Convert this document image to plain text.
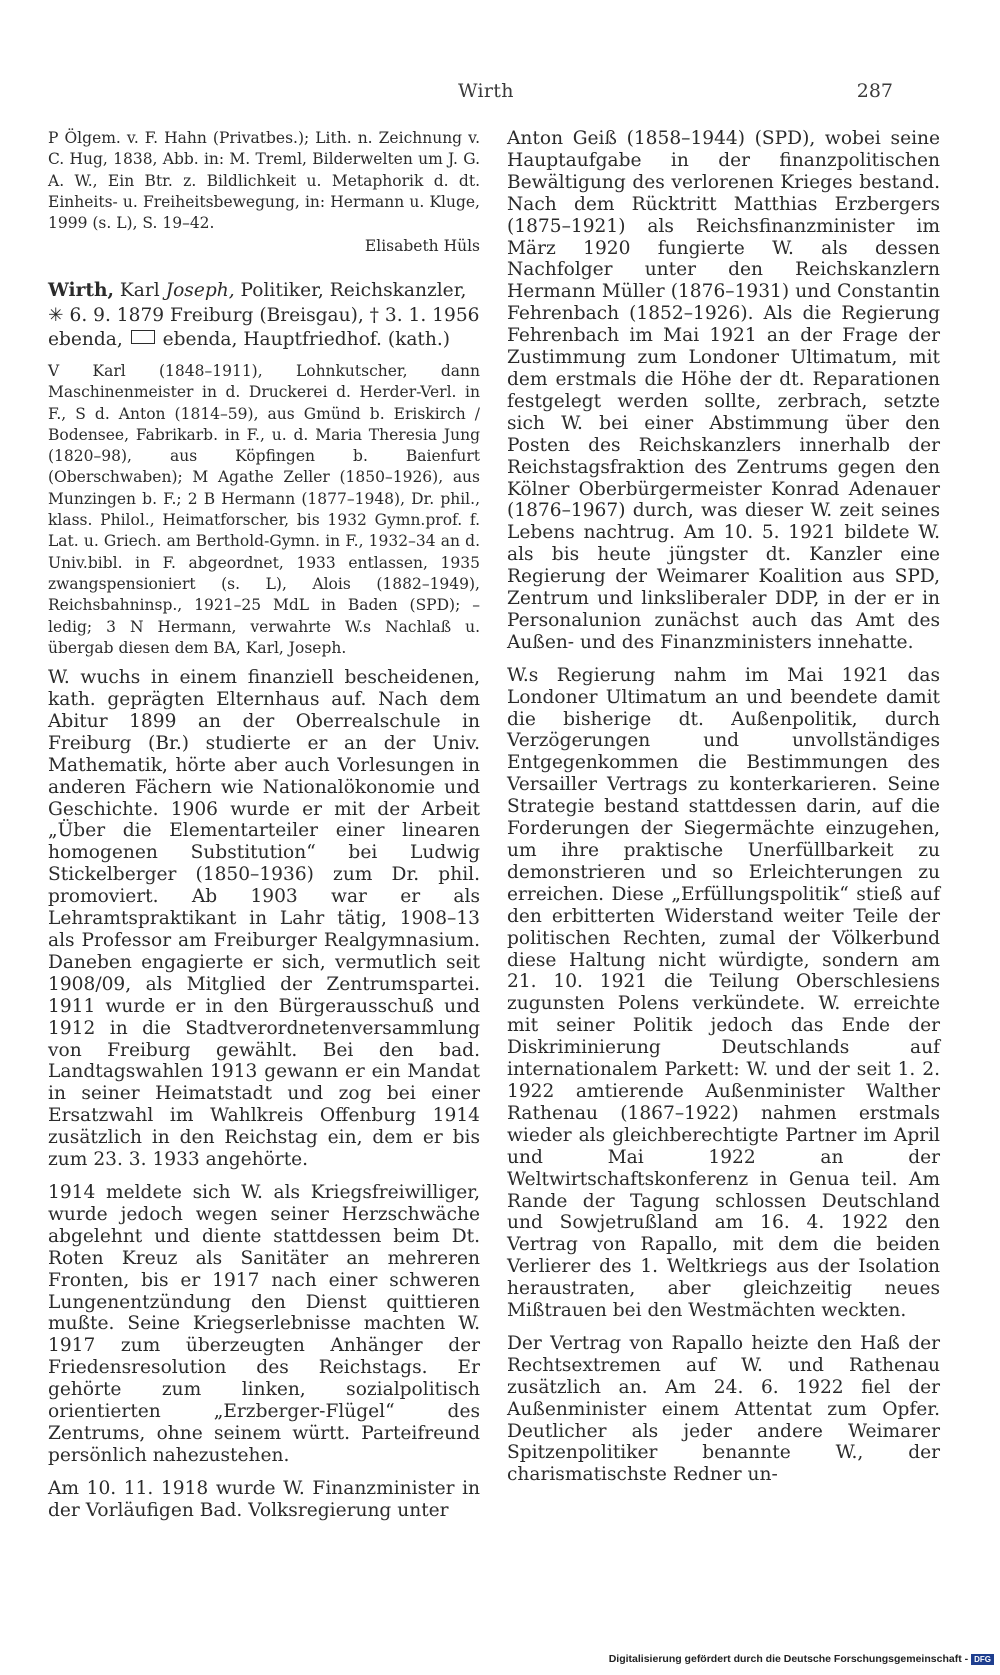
Wirth	287

P Ölgem. v. F. Hahn (Privatbes.); Lith. n. Zeichnung v. C. Hug, 1838, Abb. in: M. Treml, Bilderwelten um J. G. A. W., Ein Btr. z. Bildlichkeit u. Metaphorik d. dt. Einheits- u. Freiheitsbewegung, in: Hermann u. Kluge, 1999 (s. L), S. 19–42.

Elisabeth Hüls

Wirth, Karl Joseph, Politiker, Reichskanzler, ✳ 6. 9. 1879 Freiburg (Breisgau), † 3. 1. 1956 ebenda, ebenda, Hauptfriedhof. (kath.)

V Karl (1848–1911), Lohnkutscher, dann Maschinenmeister in d. Druckerei d. Herder-Verl. in F., S d. Anton (1814–59), aus Gmünd b. Eriskirch / Bodensee, Fabrikarb. in F., u. d. Maria Theresia Jung (1820–98), aus Köpfingen b. Baienfurt (Oberschwaben); M Agathe Zeller (1850–1926), aus Munzingen b. F.; 2 B Hermann (1877–1948), Dr. phil., klass. Philol., Heimatforscher, bis 1932 Gymn.prof. f. Lat. u. Griech. am Berthold-Gymn. in F., 1932–34 an d. Univ.bibl. in F. abgeordnet, 1933 entlassen, 1935 zwangspensioniert (s. L), Alois (1882–1949), Reichsbahninsp., 1921–25 MdL in Baden (SPD); – ledig; 3 N Hermann, verwahrte W.s Nachlaß u. übergab diesen dem BA, Karl, Joseph.

W. wuchs in einem finanziell bescheidenen, kath. geprägten Elternhaus auf. Nach dem Abitur 1899 an der Oberrealschule in Freiburg (Br.) studierte er an der Univ. Mathematik, hörte aber auch Vorlesungen in anderen Fächern wie Nationalökonomie und Geschichte. 1906 wurde er mit der Arbeit „Über die Elementarteiler einer linearen homogenen Substitution“ bei Ludwig Stickelberger (1850–1936) zum Dr. phil. promoviert. Ab 1903 war er als Lehramtspraktikant in Lahr tätig, 1908–13 als Professor am Freiburger Realgymnasium. Daneben engagierte er sich, vermutlich seit 1908/09, als Mitglied der Zentrumspartei. 1911 wurde er in den Bürgerausschuß und 1912 in die Stadtverordnetenversammlung von Freiburg gewählt. Bei den bad. Landtagswahlen 1913 gewann er ein Mandat in seiner Heimatstadt und zog bei einer Ersatzwahl im Wahlkreis Offenburg 1914 zusätzlich in den Reichstag ein, dem er bis zum 23. 3. 1933 angehörte.

1914 meldete sich W. als Kriegsfreiwilliger, wurde jedoch wegen seiner Herzschwäche abgelehnt und diente stattdessen beim Dt. Roten Kreuz als Sanitäter an mehreren Fronten, bis er 1917 nach einer schweren Lungenentzündung den Dienst quittieren mußte. Seine Kriegserlebnisse machten W. 1917 zum überzeugten Anhänger der Friedensresolution des Reichstags. Er gehörte zum linken, sozialpolitisch orientierten „Erzberger-Flügel“ des Zentrums, ohne seinem württ. Parteifreund persönlich nahezustehen.

Am 10. 11. 1918 wurde W. Finanzminister in der Vorläufigen Bad. Volksregierung unter

Anton Geiß (1858–1944) (SPD), wobei seine Hauptaufgabe in der finanzpolitischen Bewältigung des verlorenen Krieges bestand. Nach dem Rücktritt Matthias Erzbergers (1875–1921) als Reichsfinanzminister im März 1920 fungierte W. als dessen Nachfolger unter den Reichskanzlern Hermann Müller (1876–1931) und Constantin Fehrenbach (1852–1926). Als die Regierung Fehrenbach im Mai 1921 an der Frage der Zustimmung zum Londoner Ultimatum, mit dem erstmals die Höhe der dt. Reparationen festgelegt werden sollte, zerbrach, setzte sich W. bei einer Abstimmung über den Posten des Reichskanzlers innerhalb der Reichstagsfraktion des Zentrums gegen den Kölner Oberbürgermeister Konrad Adenauer (1876–1967) durch, was dieser W. zeit seines Lebens nachtrug. Am 10. 5. 1921 bildete W. als bis heute jüngster dt. Kanzler eine Regierung der Weimarer Koalition aus SPD, Zentrum und linksliberaler DDP, in der er in Personalunion zunächst auch das Amt des Außen- und des Finanzministers innehatte.

W.s Regierung nahm im Mai 1921 das Londoner Ultimatum an und beendete damit die bisherige dt. Außenpolitik, durch Verzögerungen und unvollständiges Entgegenkommen die Bestimmungen des Versailler Vertrags zu konterkarieren. Seine Strategie bestand stattdessen darin, auf die Forderungen der Siegermächte einzugehen, um ihre praktische Unerfüllbarkeit zu demonstrieren und so Erleichterungen zu erreichen. Diese „Erfüllungspolitik“ stieß auf den erbitterten Widerstand weiter Teile der politischen Rechten, zumal der Völkerbund diese Haltung nicht würdigte, sondern am 21. 10. 1921 die Teilung Oberschlesiens zugunsten Polens verkündete. W. erreichte mit seiner Politik jedoch das Ende der Diskriminierung Deutschlands auf internationalem Parkett: W. und der seit 1. 2. 1922 amtierende Außenminister Walther Rathenau (1867–1922) nahmen erstmals wieder als gleichberechtigte Partner im April und Mai 1922 an der Weltwirtschaftskonferenz in Genua teil. Am Rande der Tagung schlossen Deutschland und Sowjetrußland am 16. 4. 1922 den Vertrag von Rapallo, mit dem die beiden Verlierer des 1. Weltkriegs aus der Isolation heraustraten, aber gleichzeitig neues Mißtrauen bei den Westmächten weckten.

Der Vertrag von Rapallo heizte den Haß der Rechtsextremen auf W. und Rathenau zusätzlich an. Am 24. 6. 1922 fiel der Außenminister einem Attentat zum Opfer. Deutlicher als jeder andere Weimarer Spitzenpolitiker benannte W., der charismatischste Redner un-

Digitalisierung gefördert durch die Deutsche Forschungsgemeinschaft - DFG
